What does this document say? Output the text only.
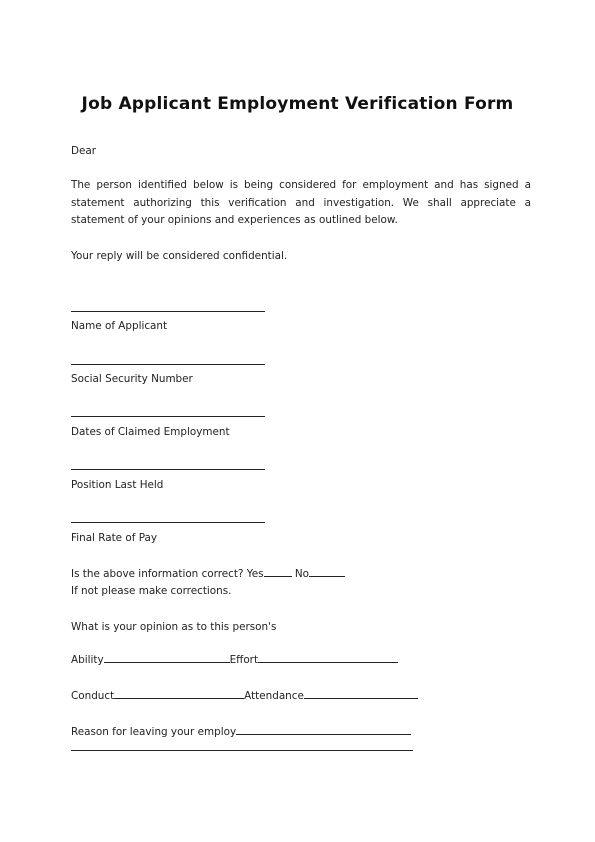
Job Applicant Employment Verification Form
Dear
The person identified below is being considered for employment and has signed a statement authorizing this verification and investigation. We shall appreciate a statement of your opinions and experiences as outlined below.
Your reply will be considered confidential.
Name of Applicant
Social Security Number
Dates of Claimed Employment
Position Last Held
Final Rate of Pay
Is the above information correct? Yes	No
If not please make corrections.
What is your opinion as to this person's
Ability	Effort
Conduct	Attendance
Reason for leaving your employ
